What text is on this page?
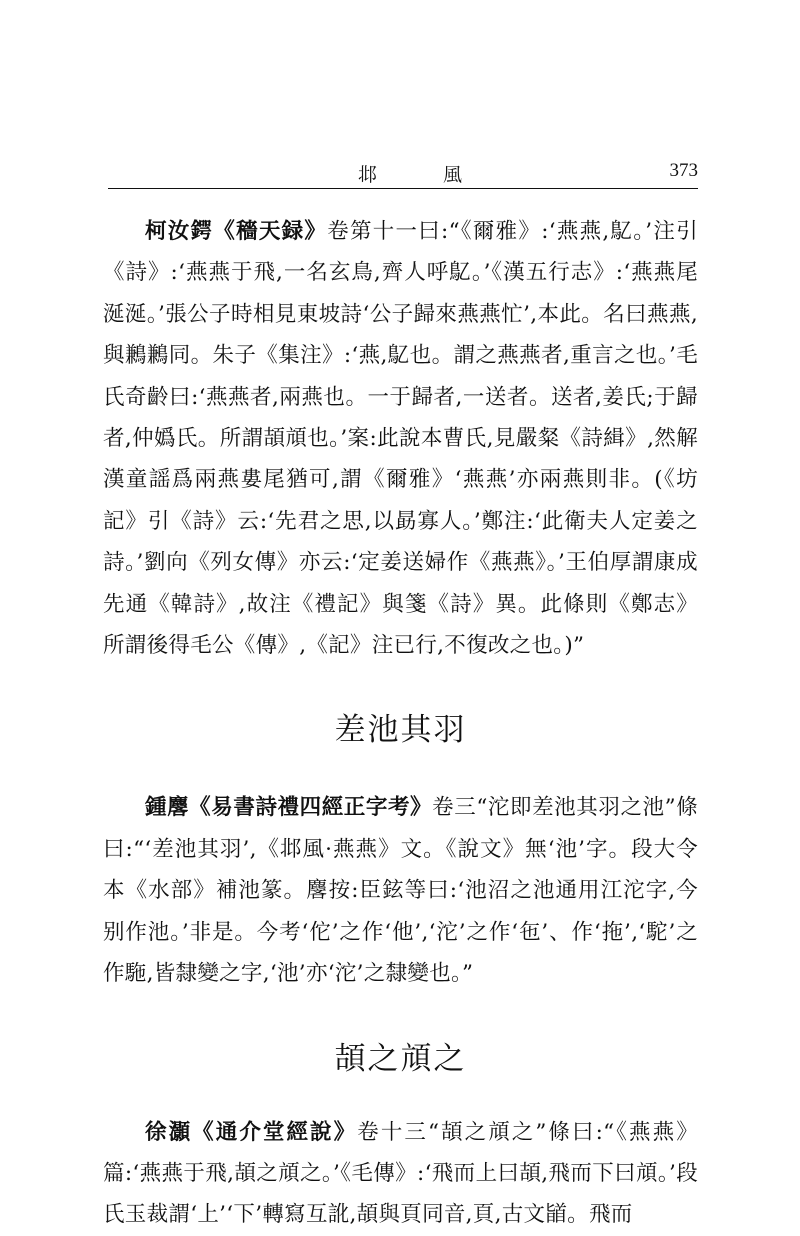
邶 風	373

柯汝鍔《穡天録》卷第十一曰:“《爾雅》:‘燕燕,鳦。’注引《詩》:‘燕燕于飛,一名玄鳥,齊人呼鳦。’《漢五行志》:‘燕燕尾涎涎。’張公子時相見東坡詩‘公子歸來燕燕忙’,本此。名曰燕燕,與鶼鶼同。朱子《集注》:‘燕,鳦也。謂之燕燕者,重言之也。’毛氏奇齡曰:‘燕燕者,兩燕也。一于歸者,一送者。送者,姜氏;于歸者,仲嬀氏。所謂頡頏也。’案:此說本曹氏,見嚴粲《詩緝》,然解漢童謡爲兩燕婁尾猶可,謂《爾雅》‘燕燕’亦兩燕則非。(《坊記》引《詩》云:‘先君之思,以勗寡人。’鄭注:‘此衛夫人定姜之詩。’劉向《列女傳》亦云:‘定姜送婦作《燕燕》。’王伯厚謂康成先通《韓詩》,故注《禮記》與箋《詩》異。此條則《鄭志》所謂後得毛公《傳》,《記》注已行,不復改之也。)”

差池其羽

鍾麐《易書詩禮四經正字考》卷三“沱即差池其羽之池”條曰:“‘差池其羽’,《邶風·燕燕》文。《說文》無‘池’字。段大令本《水部》補池篆。麐按:臣鉉等曰:‘池沼之池通用江沱字,今别作池。’非是。今考‘佗’之作‘他’,‘沱’之作‘㐌’、作‘拖’,‘駝’之作駞,皆隸變之字,‘池’亦‘沱’之隸變也。”

頡之頏之

徐灝《通介堂經說》卷十三“頡之頏之”條曰:“《燕燕》篇:‘燕燕于飛,頡之頏之。’《毛傳》:‘飛而上曰頡,飛而下曰頏。’段氏玉裁謂‘上’‘下’轉寫互訛,頡與頁同音,頁,古文䭫。飛而
